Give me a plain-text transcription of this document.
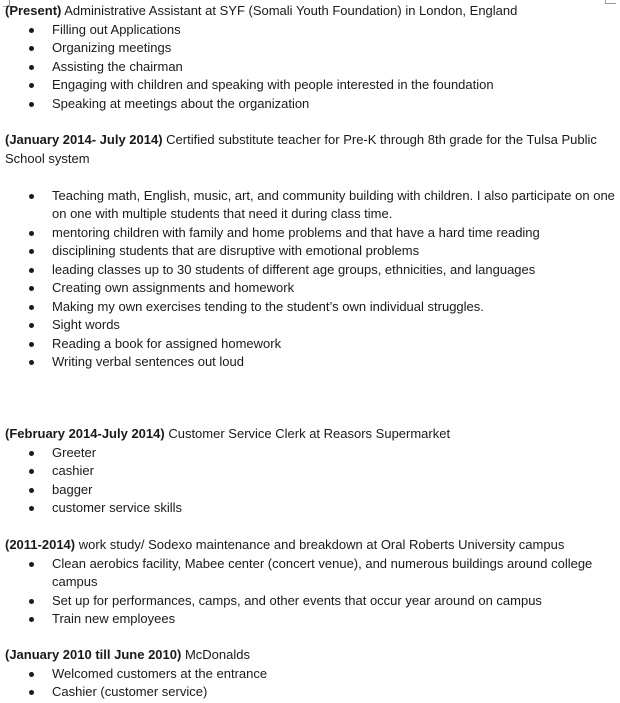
(Present) Administrative Assistant at SYF (Somali Youth Foundation) in London, England

Filling out Applications
Organizing meetings
Assisting the chairman
Engaging with children and speaking with people interested in the foundation
Speaking at meetings about the organization

(January 2014- July 2014) Certified substitute teacher for Pre-K through 8th grade for the Tulsa Public School system

Teaching math, English, music, art, and community building with children. I also participate on one on one with multiple students that need it during class time.
mentoring children with family and home problems and that have a hard time reading
disciplining students that are disruptive with emotional problems
leading classes up to 30 students of different age groups, ethnicities, and languages
Creating own assignments and homework
Making my own exercises tending to the student’s own individual struggles.
Sight words
Reading a book for assigned homework
Writing verbal sentences out loud

(February 2014-July 2014) Customer Service Clerk at Reasors Supermarket

Greeter
cashier
bagger
customer service skills

(2011-2014) work study/ Sodexo maintenance and breakdown at Oral Roberts University campus

Clean aerobics facility, Mabee center (concert venue), and numerous buildings around college campus
Set up for performances, camps, and other events that occur year around on campus
Train new employees

(January 2010 till June 2010) McDonalds

Welcomed customers at the entrance
Cashier (customer service)
